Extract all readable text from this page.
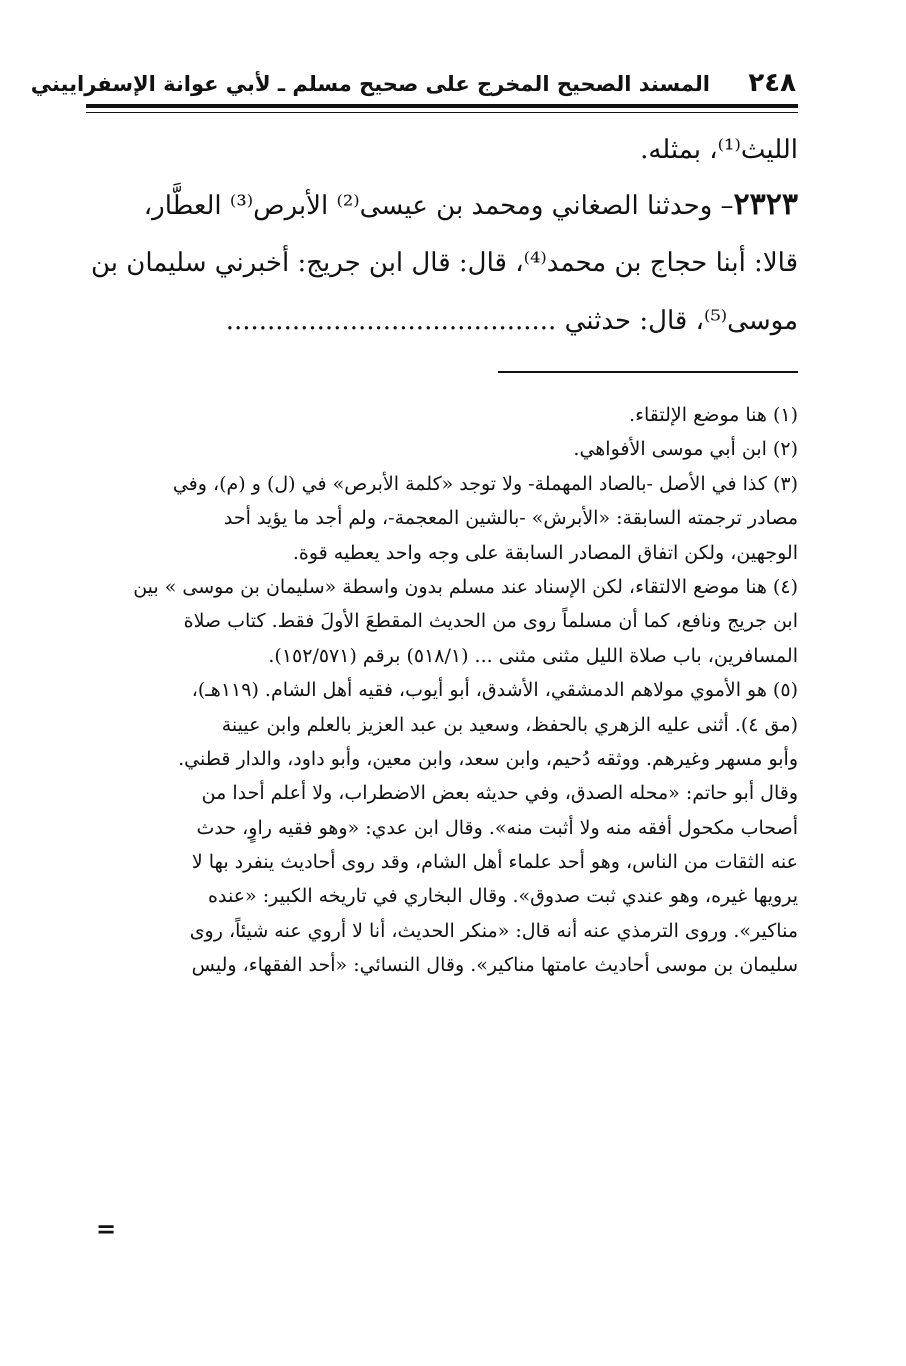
٢٤٨
المسند الصحيح المخرج على صحيح مسلم ـ لأبي عوانة الإسفراييني
الليث⁽¹⁾، بمثله.
٢٣٢٣– وحدثنا الصغاني ومحمد بن عيسى⁽²⁾ الأبرص⁽³⁾ العطَّار،
قالا: أبنا حجاج بن محمد⁽⁴⁾، قال: قال ابن جريج: أخبرني سليمان بن
موسى⁽⁵⁾، قال: حدثني ........................................
(١) هنا موضع الإلتقاء.
(٢) ابن أبي موسى الأفواهي.
(٣) كذا في الأصل -بالصاد المهملة- ولا توجد «كلمة الأبرص» في (ل) و (م)، وفي
مصادر ترجمته السابقة: «الأبرش» -بالشين المعجمة-، ولم أجد ما يؤيد أحد
الوجهين، ولكن اتفاق المصادر السابقة على وجه واحد يعطيه قوة.
(٤) هنا موضع الالتقاء، لكن الإسناد عند مسلم بدون واسطة «سليمان بن موسى » بين
ابن جريج ونافع، كما أن مسلماً روى من الحديث المقطعَ الأولَ فقط. كتاب صلاة
المسافرين، باب صلاة الليل مثنى مثنى ... (٥١٨/١) برقم (١٥٢/٥٧١).
(٥) هو الأموي مولاهم الدمشقي، الأشدق، أبو أيوب، فقيه أهل الشام. (١١٩هـ)،
(مق ٤). أثنى عليه الزهري بالحفظ، وسعيد بن عبد العزيز بالعلم وابن عيينة
وأبو مسهر وغيرهم. ووثقه دُحيم، وابن سعد، وابن معين، وأبو داود، والدار قطني.
وقال أبو حاتم: «محله الصدق، وفي حديثه بعض الاضطراب، ولا أعلم أحدا من
أصحاب مكحول أفقه منه ولا أثبت منه». وقال ابن عدي: «وهو فقيه راوٍ، حدث
عنه الثقات من الناس، وهو أحد علماء أهل الشام، وقد روى أحاديث ينفرد بها لا
يرويها غيره، وهو عندي ثبت صدوق». وقال البخاري في تاريخه الكبير: «عنده
مناكير». وروى الترمذي عنه أنه قال: «منكر الحديث، أنا لا أروي عنه شيئاً، روى
سليمان بن موسى أحاديث عامتها مناكير». وقال النسائي: «أحد الفقهاء، وليس
=
